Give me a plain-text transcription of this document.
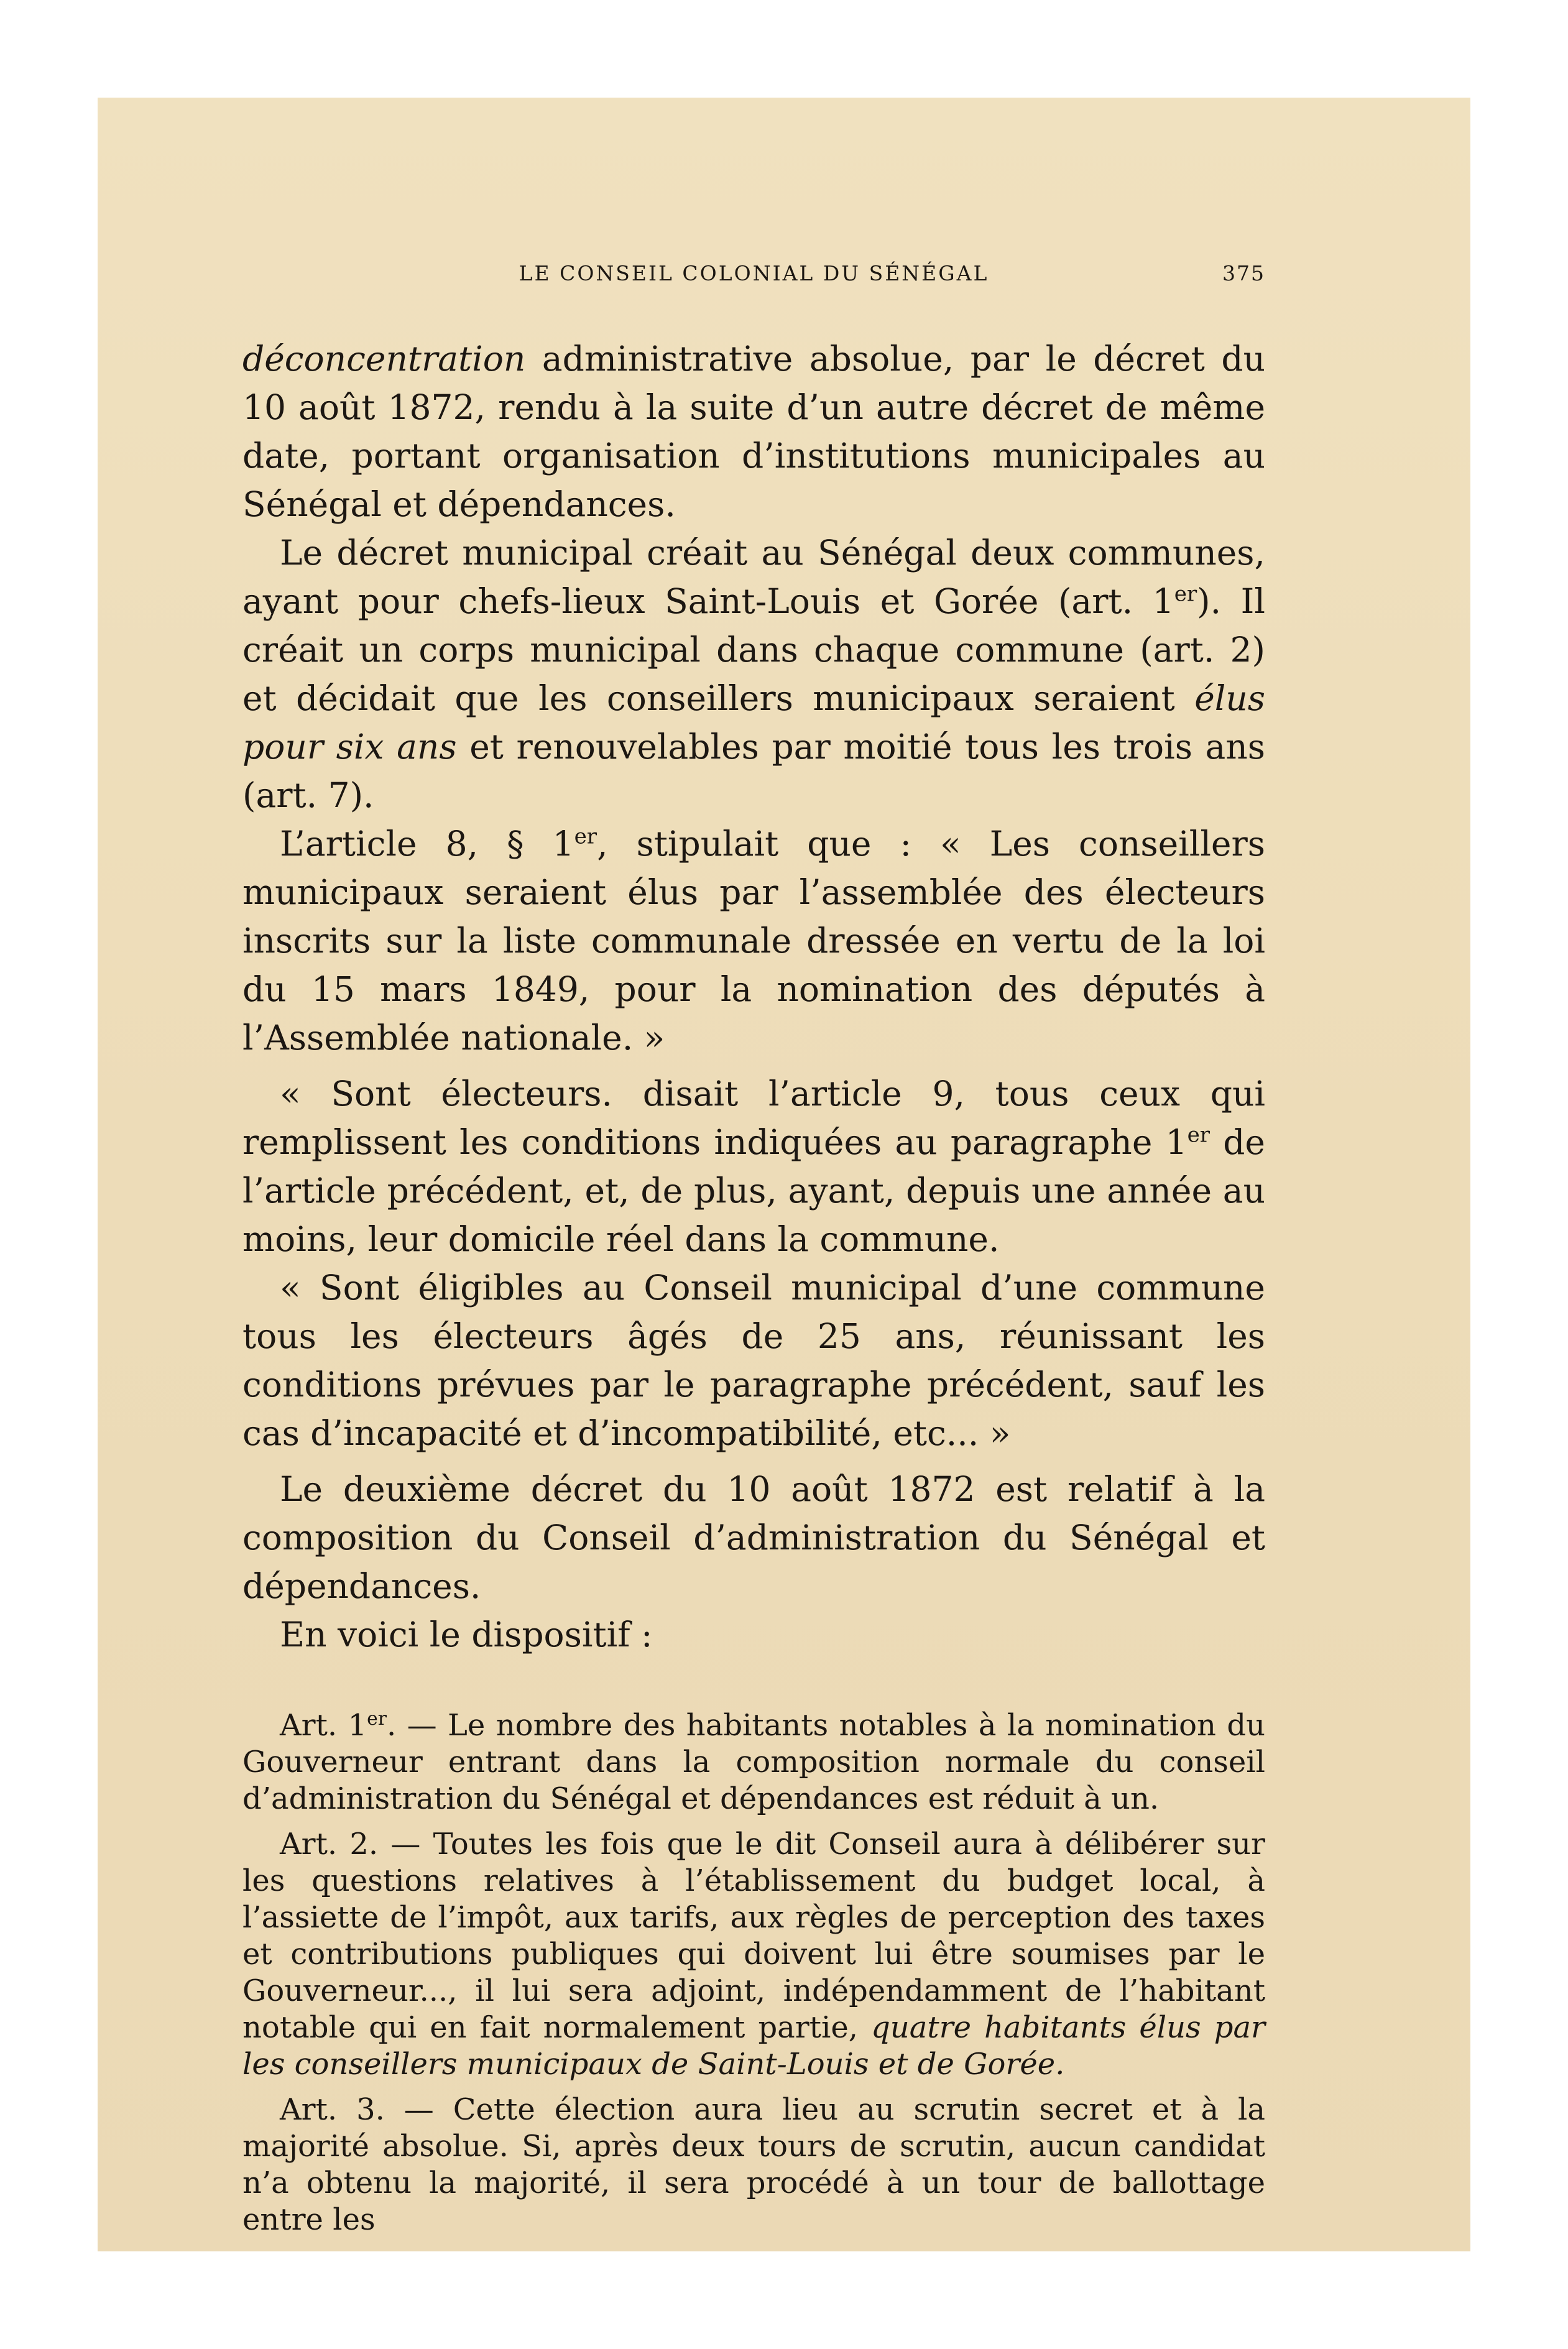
LE CONSEIL COLONIAL DU SÉNÉGAL	375

déconcentration administrative absolue, par le décret du 10 août 1872, rendu à la suite d’un autre décret de même date, portant organisation d’institutions municipales au Sénégal et dépendances.

Le décret municipal créait au Sénégal deux communes, ayant pour chefs-lieux Saint-Louis et Gorée (art. 1er). Il créait un corps municipal dans chaque commune (art. 2) et décidait que les conseillers municipaux seraient élus pour six ans et renouvelables par moitié tous les trois ans (art. 7).

L’article 8, § 1er, stipulait que : « Les conseillers municipaux seraient élus par l’assemblée des électeurs inscrits sur la liste communale dressée en vertu de la loi du 15 mars 1849, pour la nomination des députés à l’Assemblée nationale. »

« Sont électeurs. disait l’article 9, tous ceux qui remplissent les conditions indiquées au paragraphe 1er de l’article précédent, et, de plus, ayant, depuis une année au moins, leur domicile réel dans la commune.

« Sont éligibles au Conseil municipal d’une commune tous les électeurs âgés de 25 ans, réunissant les conditions prévues par le paragraphe précédent, sauf les cas d’incapacité et d’incompatibilité, etc... »

Le deuxième décret du 10 août 1872 est relatif à la composition du Conseil d’administration du Sénégal et dépendances.

En voici le dispositif :

Art. 1er. — Le nombre des habitants notables à la nomination du Gouverneur entrant dans la composition normale du conseil d’administration du Sénégal et dépendances est réduit à un.

Art. 2. — Toutes les fois que le dit Conseil aura à délibérer sur les questions relatives à l’établissement du budget local, à l’assiette de l’impôt, aux tarifs, aux règles de perception des taxes et contributions publiques qui doivent lui être soumises par le Gouverneur..., il lui sera adjoint, indépendamment de l’habitant notable qui en fait normalement partie, quatre habitants élus par les conseillers municipaux de Saint-Louis et de Gorée.

Art. 3. — Cette élection aura lieu au scrutin secret et à la majorité absolue. Si, après deux tours de scrutin, aucun candidat n’a obtenu la majorité, il sera procédé à un tour de ballottage entre les
